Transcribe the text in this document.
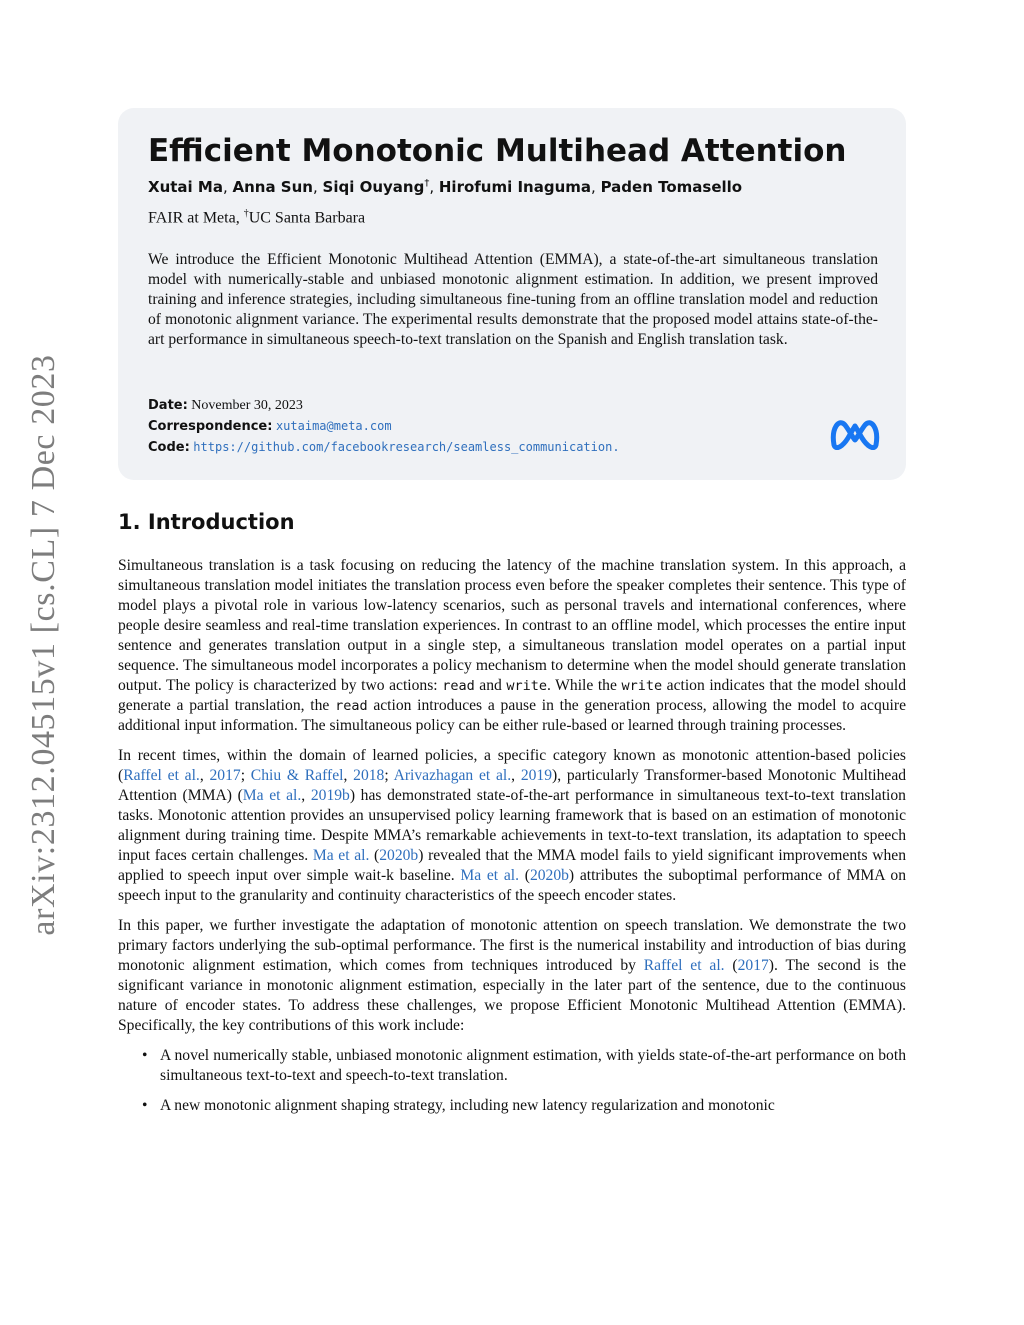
arXiv:2312.04515v1 [cs.CL] 7 Dec 2023
Efficient Monotonic Multihead Attention
Xutai Ma, Anna Sun, Siqi Ouyang†, Hirofumi Inaguma, Paden Tomasello
FAIR at Meta, †UC Santa Barbara
We introduce the Efficient Monotonic Multihead Attention (EMMA), a state-of-the-art simultaneous translation model with numerically-stable and unbiased monotonic alignment estimation. In addition, we present improved training and inference strategies, including simultaneous fine-tuning from an offline translation model and reduction of monotonic alignment variance. The experimental results demonstrate that the proposed model attains state-of-the-art performance in simultaneous speech-to-text translation on the Spanish and English translation task.
Date: November 30, 2023
Correspondence: xutaima@meta.com
Code: https://github.com/facebookresearch/seamless_communication.
1. Introduction

Simultaneous translation is a task focusing on reducing the latency of the machine translation system. In this approach, a simultaneous translation model initiates the translation process even before the speaker completes their sentence. This type of model plays a pivotal role in various low-latency scenarios, such as personal travels and international conferences, where people desire seamless and real-time translation experiences. In contrast to an offline model, which processes the entire input sentence and generates translation output in a single step, a simultaneous translation model operates on a partial input sequence. The simultaneous model incorporates a policy mechanism to determine when the model should generate translation output. The policy is characterized by two actions: read and write. While the write action indicates that the model should generate a partial translation, the read action introduces a pause in the generation process, allowing the model to acquire additional input information. The simultaneous policy can be either rule-based or learned through training processes.

In recent times, within the domain of learned policies, a specific category known as monotonic attention-based policies (Raffel et al., 2017; Chiu & Raffel, 2018; Arivazhagan et al., 2019), particularly Transformer-based Monotonic Multihead Attention (MMA) (Ma et al., 2019b) has demonstrated state-of-the-art performance in simultaneous text-to-text translation tasks. Monotonic attention provides an unsupervised policy learning framework that is based on an estimation of monotonic alignment during training time. Despite MMA’s remarkable achievements in text-to-text translation, its adaptation to speech input faces certain challenges. Ma et al. (2020b) revealed that the MMA model fails to yield significant improvements when applied to speech input over simple wait-k baseline. Ma et al. (2020b) attributes the suboptimal performance of MMA on speech input to the granularity and continuity characteristics of the speech encoder states.

In this paper, we further investigate the adaptation of monotonic attention on speech translation. We demonstrate the two primary factors underlying the sub-optimal performance. The first is the numerical instability and introduction of bias during monotonic alignment estimation, which comes from techniques introduced by Raffel et al. (2017). The second is the significant variance in monotonic alignment estimation, especially in the later part of the sentence, due to the continuous nature of encoder states. To address these challenges, we propose Efficient Monotonic Multihead Attention (EMMA). Specifically, the key contributions of this work include:

• A novel numerically stable, unbiased monotonic alignment estimation, with yields state-of-the-art performance on both simultaneous text-to-text and speech-to-text translation.
• A new monotonic alignment shaping strategy, including new latency regularization and monotonic
